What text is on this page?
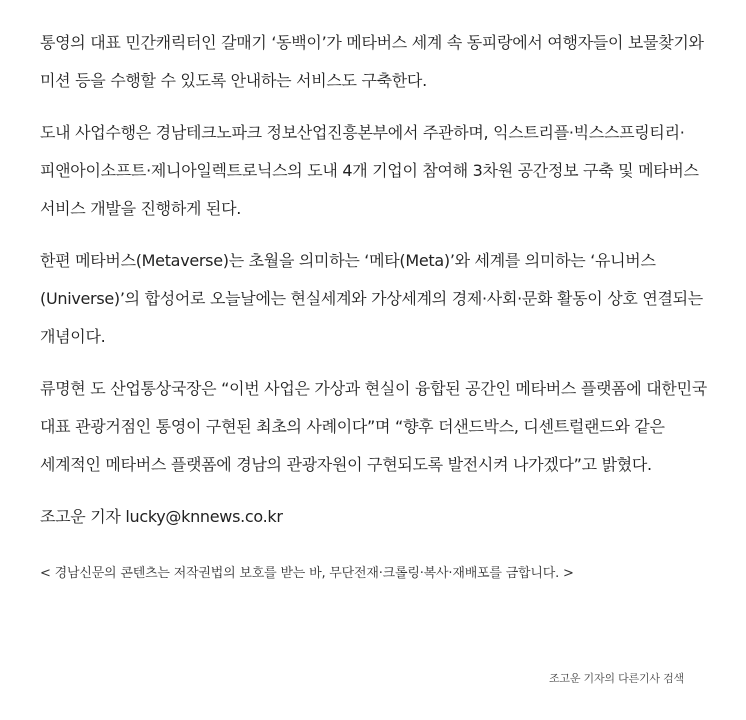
통영의 대표 민간캐릭터인 갈매기 ‘동백이’가 메타버스 세계 속 동피랑에서 여행자들이 보물찾기와 미션 등을 수행할 수 있도록 안내하는 서비스도 구축한다.

도내 사업수행은 경남테크노파크 정보산업진흥본부에서 주관하며, 익스트리플·빅스스프링티리·피앤아이소프트·제니아일렉트로닉스의 도내 4개 기업이 참여해 3차원 공간정보 구축 및 메타버스 서비스 개발을 진행하게 된다.

한편 메타버스(Metaverse)는 초월을 의미하는 ‘메타(Meta)’와 세계를 의미하는 ‘유니버스(Universe)’의 합성어로 오늘날에는 현실세계와 가상세계의 경제·사회·문화 활동이 상호 연결되는 개념이다.

류명현 도 산업통상국장은 “이번 사업은 가상과 현실이 융합된 공간인 메타버스 플랫폼에 대한민국 대표 관광거점인 통영이 구현된 최초의 사례이다”며 “향후 더샌드박스, 디센트럴랜드와 같은 세계적인 메타버스 플랫폼에 경남의 관광자원이 구현되도록 발전시켜 나가겠다”고 밝혔다.

조고운 기자 lucky@knnews.co.kr

< 경남신문의 콘텐츠는 저작권법의 보호를 받는 바, 무단전재·크롤링·복사·재배포를 금합니다. >

조고운 기자의 다른기사 검색
